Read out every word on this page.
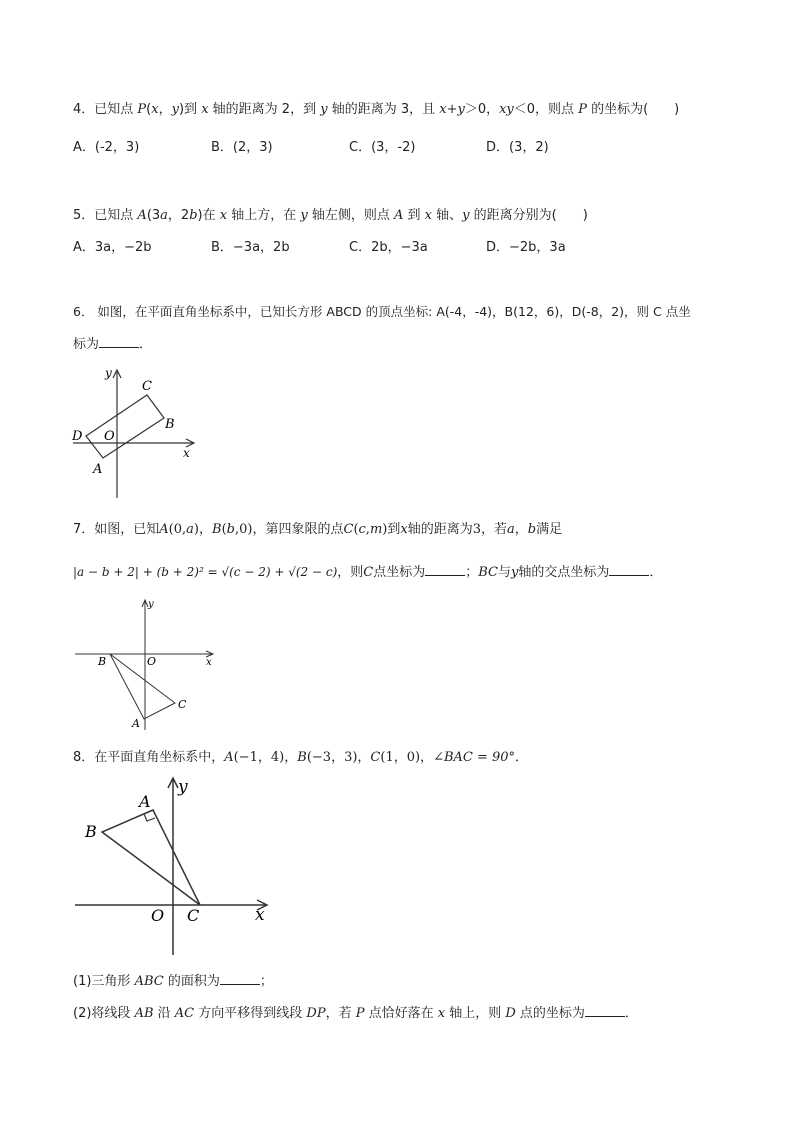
4．已知点 P(x，y)到 x 轴的距离为 2，到 y 轴的距离为 3，且 x+y＞0，xy＜0，则点 P 的坐标为(　　)
A．(-2，3)	B．(2，3)	C．(3，-2)	D．(3，2)
5．已知点 A(3a，2b)在 x 轴上方，在 y 轴左侧，则点 A 到 x 轴、y 的距离分别为(　　)
A．3a，−2b	B．−3a，2b	C．2b，−3a	D．−2b，3a
6． 如图，在平面直角坐标系中，已知长方形 ABCD 的顶点坐标: A(-4，-4)，B(12，6)，D(-8，2)，则 C 点坐
标为	．
y
x
C
B
D O
A
7．如图，已知A(0,a)，B(b,0)，第四象限的点C(c,m)到x轴的距离为3，若a，b满足
|a − b + 2| + (b + 2)² = √(c − 2) + √(2 − c)，则C点坐标为	；BC与y轴的交点坐标为	．
y
x
B	O
C
A
8．在平面直角坐标系中，A(−1，4)，B(−3，3)，C(1，0)，∠BAC = 90°．
y
x
A
B
O C
(1)三角形 ABC 的面积为	；
(2)将线段 AB 沿 AC 方向平移得到线段 DP，若 P 点恰好落在 x 轴上，则 D 点的坐标为	．
